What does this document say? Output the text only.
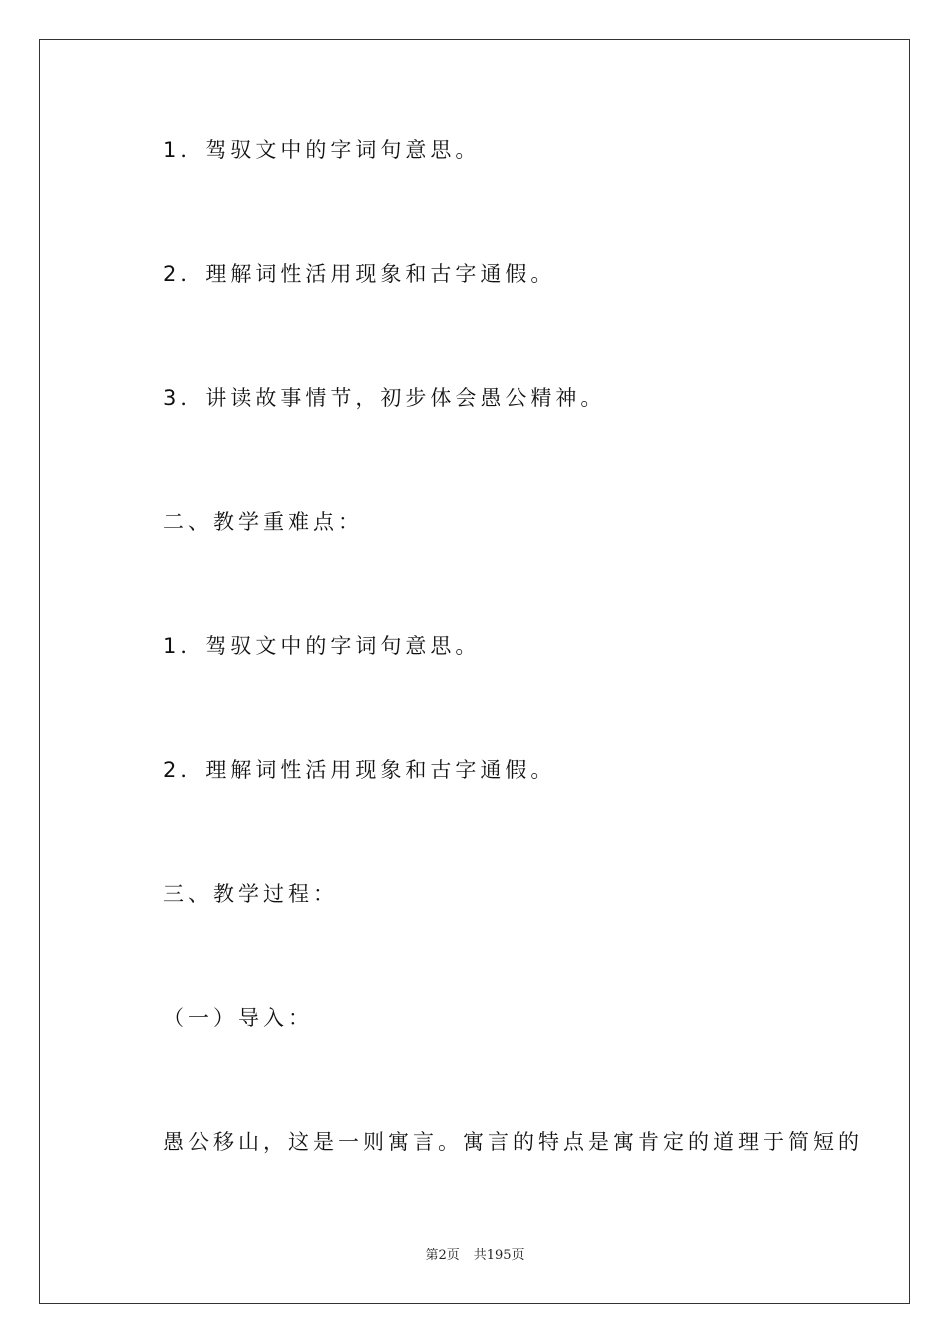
1．驾驭文中的字词句意思。
2．理解词性活用现象和古字通假。
3．讲读故事情节，初步体会愚公精神。
二、教学重难点：
1．驾驭文中的字词句意思。
2．理解词性活用现象和古字通假。
三、教学过程：
（一）导入：
愚公移山，这是一则寓言。寓言的特点是寓肯定的道理于简短的
第2页 共195页
